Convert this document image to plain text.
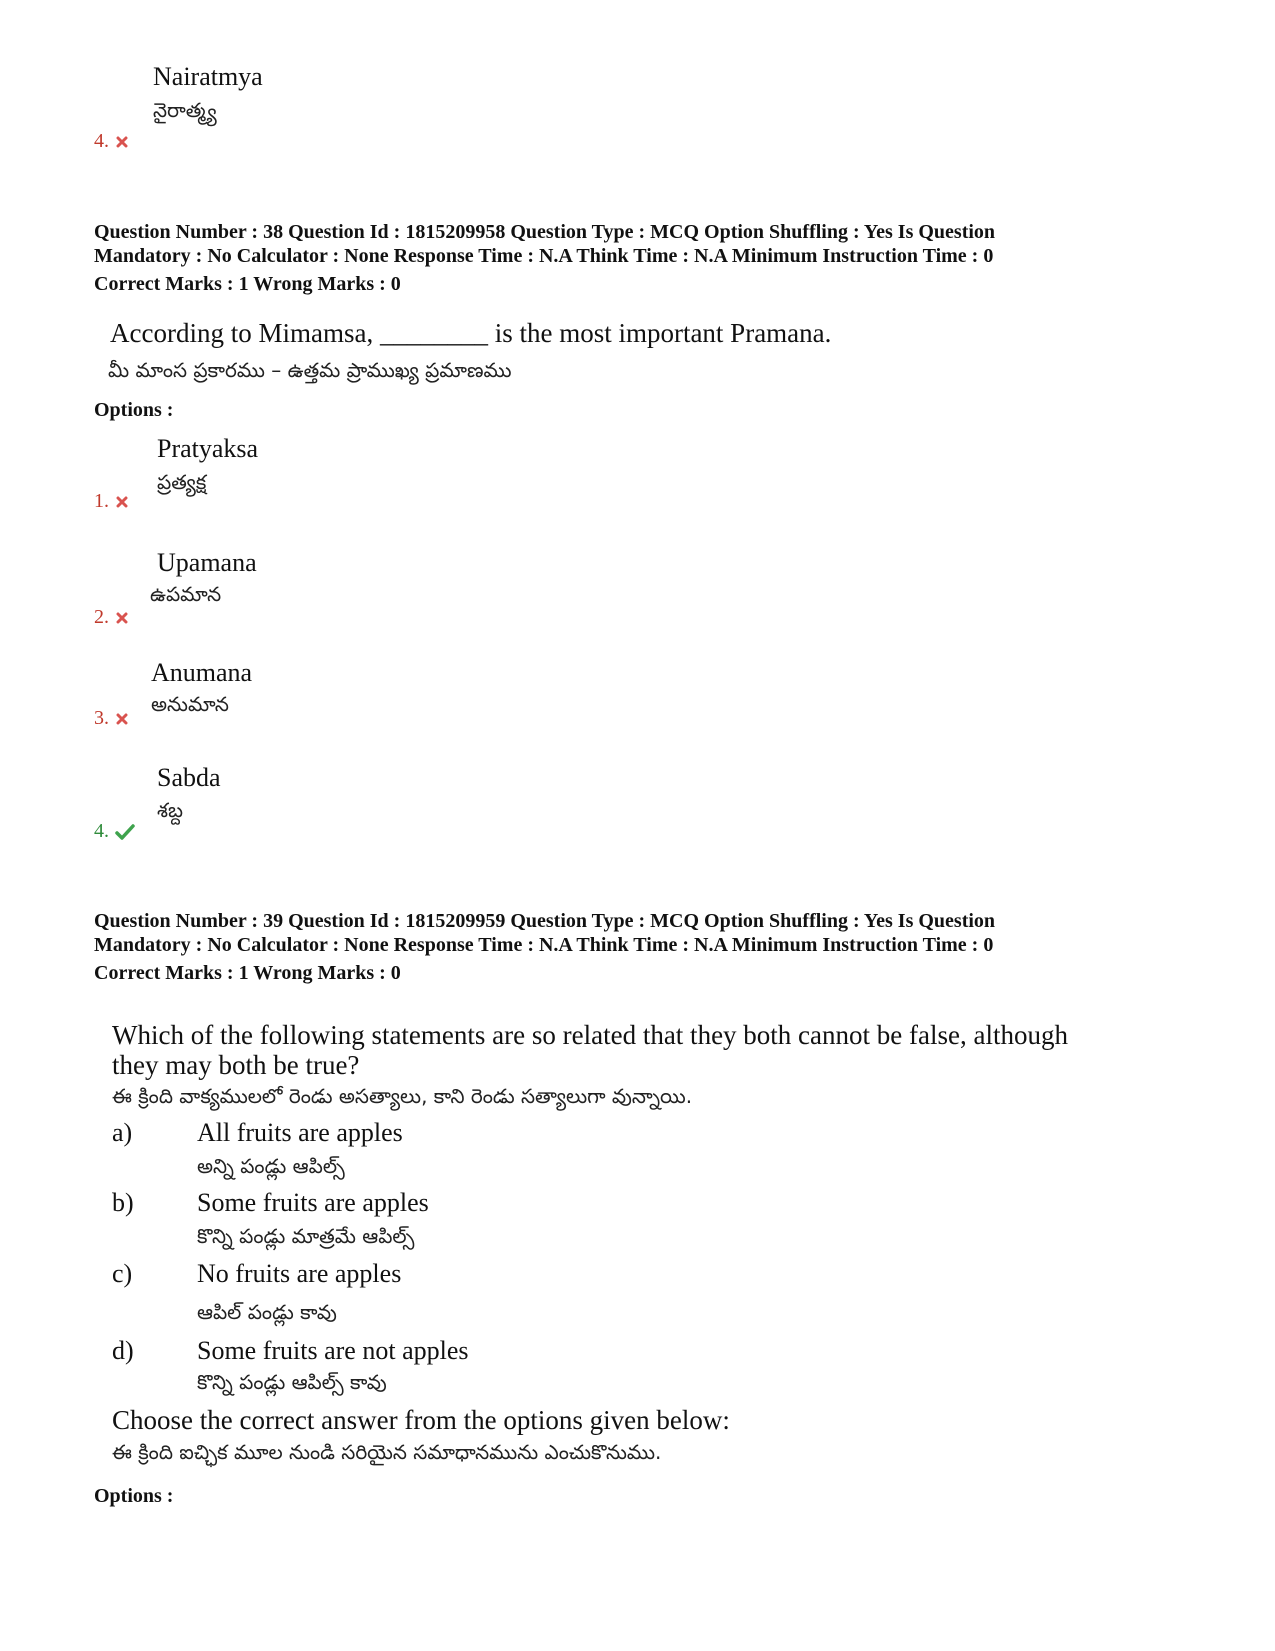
Nairatmya
నైరాత్మ్య
4.
Question Number : 38 Question Id : 1815209958 Question Type : MCQ Option Shuffling : Yes Is Question
Mandatory : No Calculator : None Response Time : N.A Think Time : N.A Minimum Instruction Time : 0
Correct Marks : 1 Wrong Marks : 0
According to Mimamsa, ________ is the most important Pramana.
మీ మాంస ప్రకారము – ఉత్తమ ప్రాముఖ్య ప్రమాణము
Options :
Pratyaksa
ప్రత్యక్ష
1.
Upamana
ఉపమాన
2.
Anumana
అనుమాన
3.
Sabda
శబ్ద
4.
Question Number : 39 Question Id : 1815209959 Question Type : MCQ Option Shuffling : Yes Is Question
Mandatory : No Calculator : None Response Time : N.A Think Time : N.A Minimum Instruction Time : 0
Correct Marks : 1 Wrong Marks : 0
Which of the following statements are so related that they both cannot be false, although
they may both be true?
ఈ క్రింది వాక్యములలో రెండు అసత్యాలు, కాని రెండు సత్యాలుగా వున్నాయి.
a) All fruits are apples
అన్ని పండ్లు ఆపిల్స్
b) Some fruits are apples
కొన్ని పండ్లు మాత్రమే ఆపిల్స్
c) No fruits are apples
ఆపిల్ పండ్లు కావు
d) Some fruits are not apples
కొన్ని పండ్లు ఆపిల్స్ కావు
Choose the correct answer from the options given below:
ఈ క్రింది ఐచ్ఛిక మూల నుండి సరియైన సమాధానమును ఎంచుకొనుము.
Options :
